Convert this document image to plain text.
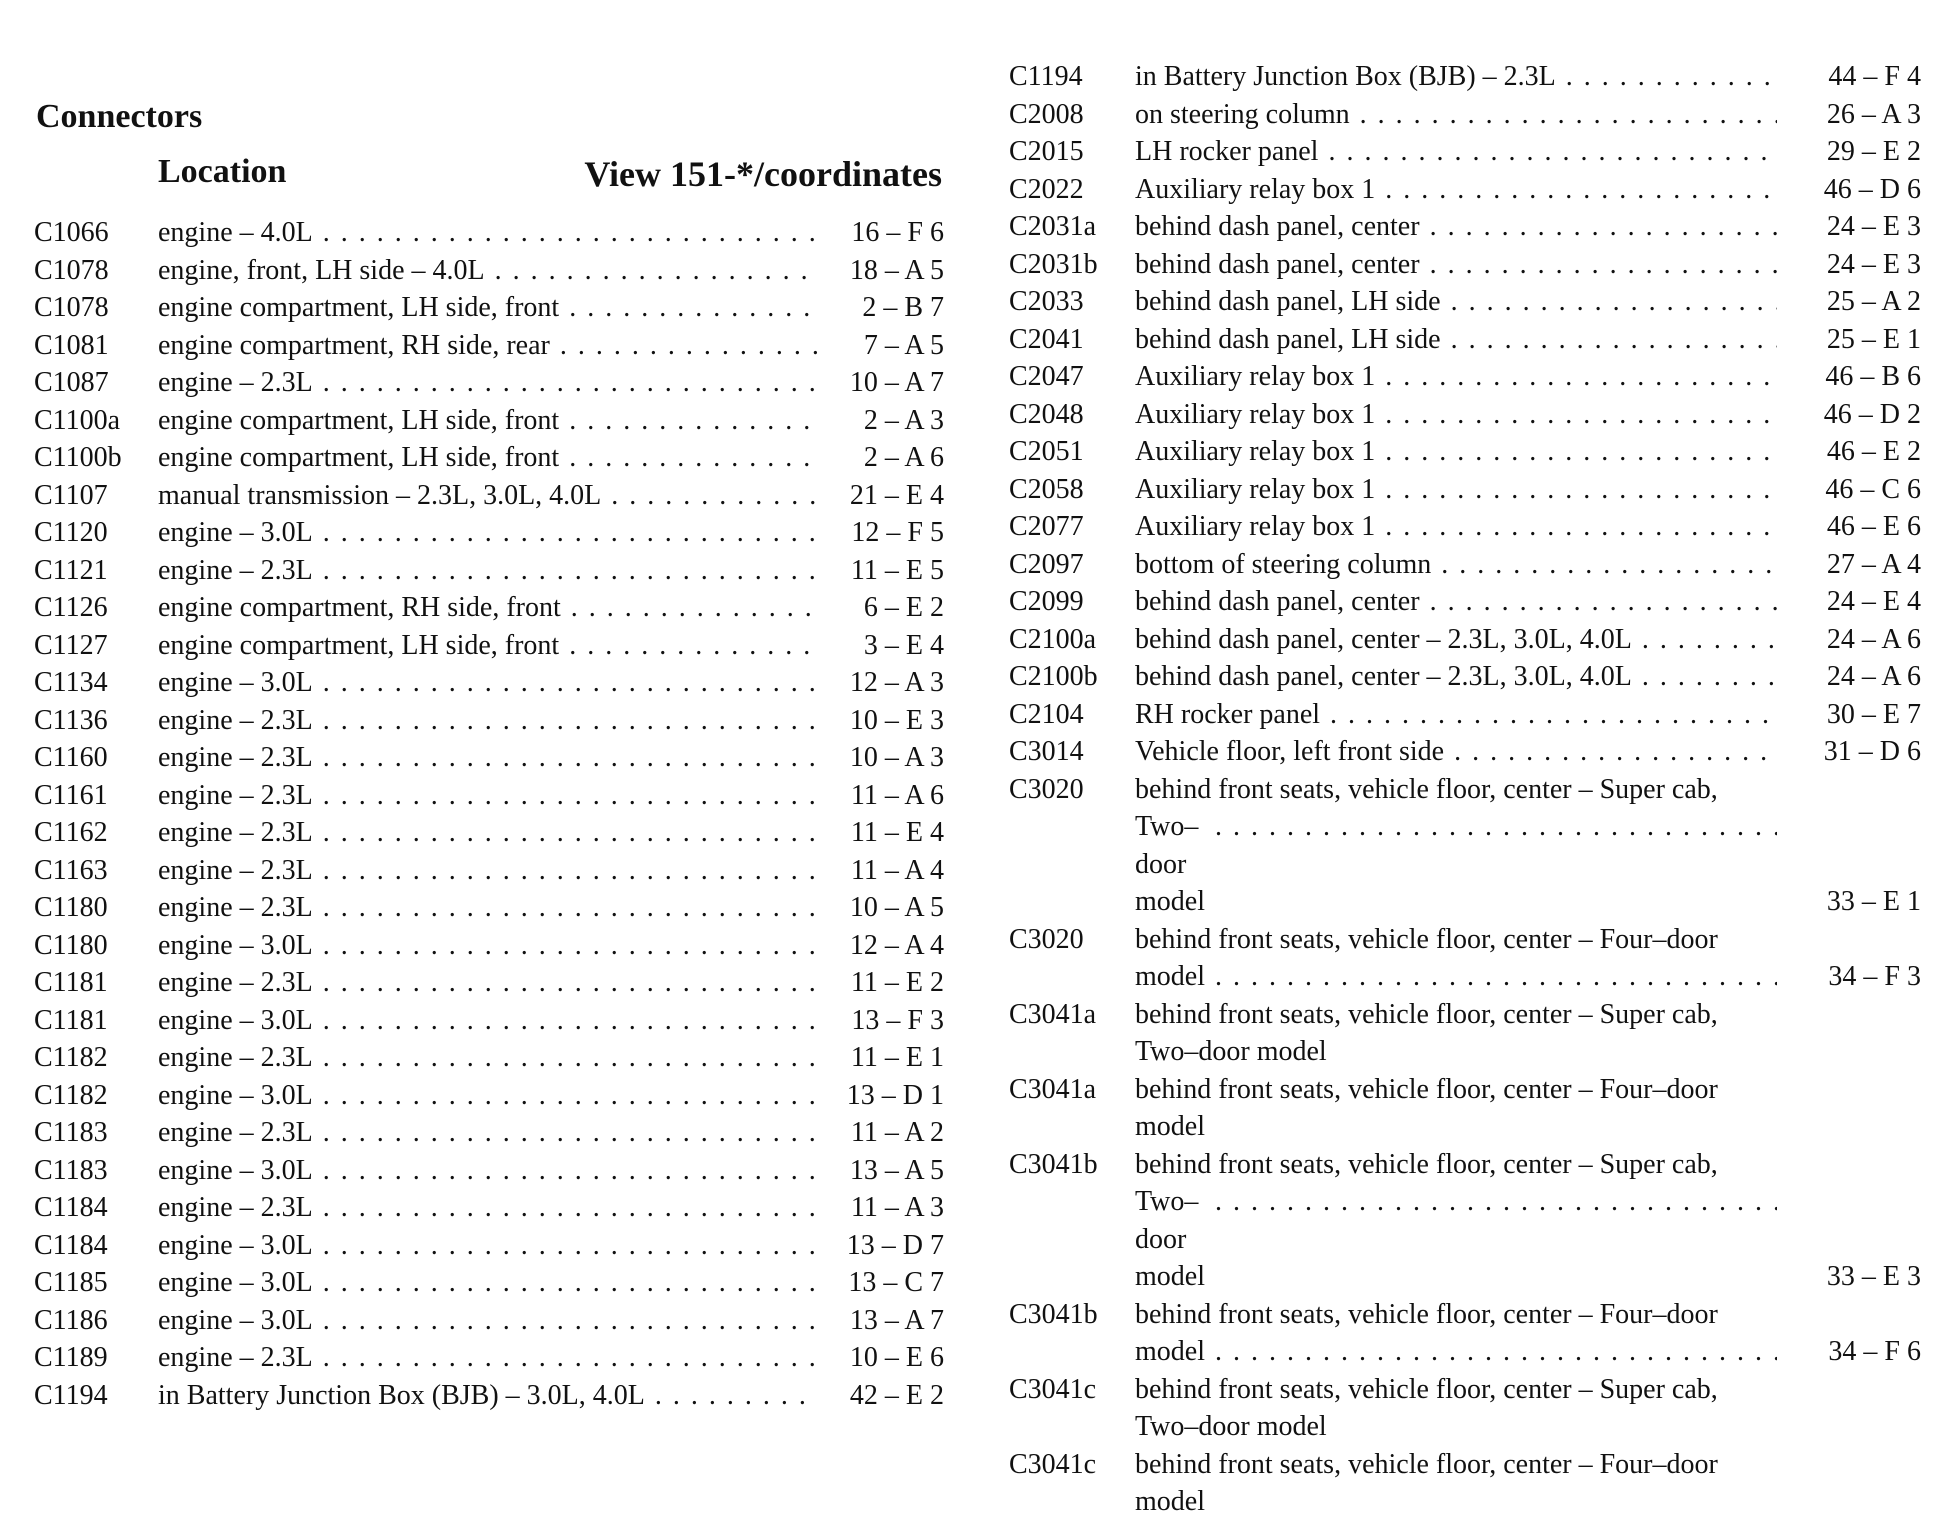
Connectors
Location	View 151-*/coordinates
C1066	engine – 4.0L . . .	16 – F 6
C1078	engine, front, LH side – 4.0L . . .	18 – A 5
C1078	engine compartment, LH side, front . . .	2 – B 7
C1081	engine compartment, RH side, rear . . .	7 – A 5
C1087	engine – 2.3L . . .	10 – A 7
C1100a	engine compartment, LH side, front . . .	2 – A 3
C1100b	engine compartment, LH side, front . . .	2 – A 6
C1107	manual transmission – 2.3L, 3.0L, 4.0L . . .	21 – E 4
C1120	engine – 3.0L . . .	12 – F 5
C1121	engine – 2.3L . . .	11 – E 5
C1126	engine compartment, RH side, front . . .	6 – E 2
C1127	engine compartment, LH side, front . . .	3 – E 4
C1134	engine – 3.0L . . .	12 – A 3
C1136	engine – 2.3L . . .	10 – E 3
C1160	engine – 2.3L . . .	10 – A 3
C1161	engine – 2.3L . . .	11 – A 6
C1162	engine – 2.3L . . .	11 – E 4
C1163	engine – 2.3L . . .	11 – A 4
C1180	engine – 2.3L . . .	10 – A 5
C1180	engine – 3.0L . . .	12 – A 4
C1181	engine – 2.3L . . .	11 – E 2
C1181	engine – 3.0L . . .	13 – F 3
C1182	engine – 2.3L . . .	11 – E 1
C1182	engine – 3.0L . . .	13 – D 1
C1183	engine – 2.3L . . .	11 – A 2
C1183	engine – 3.0L . . .	13 – A 5
C1184	engine – 2.3L . . .	11 – A 3
C1184	engine – 3.0L . . .	13 – D 7
C1185	engine – 3.0L . . .	13 – C 7
C1186	engine – 3.0L . . .	13 – A 7
C1189	engine – 2.3L . . .	10 – E 6
C1194	in Battery Junction Box (BJB) – 3.0L, 4.0L . . .	42 – E 2
C1194	in Battery Junction Box (BJB) – 2.3L . . .	44 – F 4
C2008	on steering column . . .	26 – A 3
C2015	LH rocker panel . . .	29 – E 2
C2022	Auxiliary relay box 1 . . .	46 – D 6
C2031a	behind dash panel, center . . .	24 – E 3
C2031b	behind dash panel, center . . .	24 – E 3
C2033	behind dash panel, LH side . . .	25 – A 2
C2041	behind dash panel, LH side . . .	25 – E 1
C2047	Auxiliary relay box 1 . . .	46 – B 6
C2048	Auxiliary relay box 1 . . .	46 – D 2
C2051	Auxiliary relay box 1 . . .	46 – E 2
C2058	Auxiliary relay box 1 . . .	46 – C 6
C2077	Auxiliary relay box 1 . . .	46 – E 6
C2097	bottom of steering column . . .	27 – A 4
C2099	behind dash panel, center . . .	24 – E 4
C2100a	behind dash panel, center – 2.3L, 3.0L, 4.0L . . .	24 – A 6
C2100b	behind dash panel, center – 2.3L, 3.0L, 4.0L . . .	24 – A 6
C2104	RH rocker panel . . .	30 – E 7
C3014	Vehicle floor, left front side . . .	31 – D 6
C3020	behind front seats, vehicle floor, center – Super cab,
Two–door model . . .	33 – E 1
C3020	behind front seats, vehicle floor, center – Four–door
model . . .	34 – F 3
C3041a	behind front seats, vehicle floor, center – Super cab,
Two–door model
C3041a	behind front seats, vehicle floor, center – Four–door
model
C3041b	behind front seats, vehicle floor, center – Super cab,
Two–door model . . .	33 – E 3
C3041b	behind front seats, vehicle floor, center – Four–door
model . . .	34 – F 6
C3041c	behind front seats, vehicle floor, center – Super cab,
Two–door model
C3041c	behind front seats, vehicle floor, center – Four–door
model
